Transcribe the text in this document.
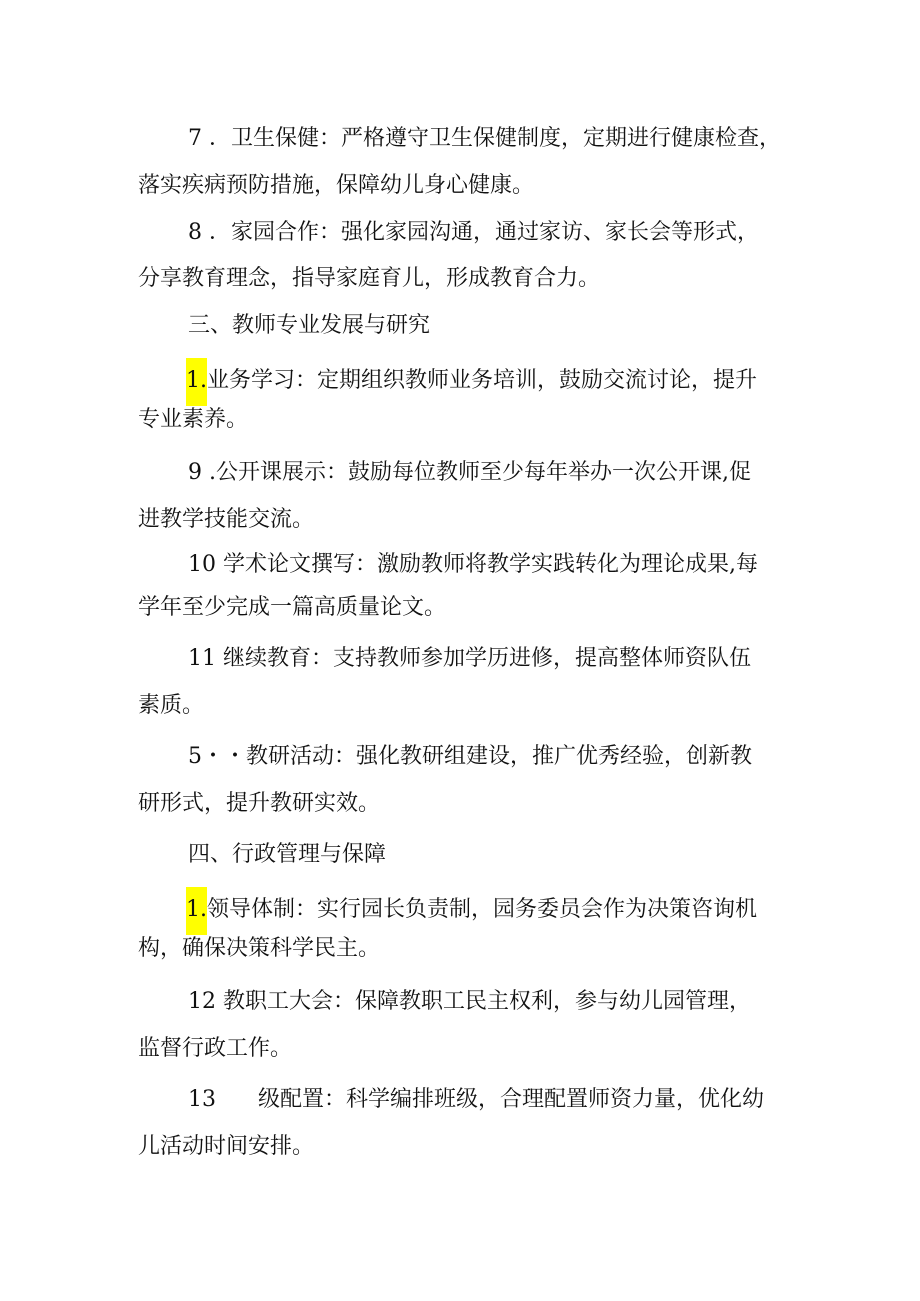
7 ．卫生保健：严格遵守卫生保健制度，定期进行健康检查，
落实疾病预防措施，保障幼儿身心健康。
8 ．家园合作：强化家园沟通，通过家访、家长会等形式，
分享教育理念，指导家庭育儿，形成教育合力。
三、教师专业发展与研究
1.业务学习：定期组织教师业务培训，鼓励交流讨论，提升
专业素养。
9 .公开课展示：鼓励每位教师至少每年举办一次公开课,促
进教学技能交流。
10 学术论文撰写：激励教师将教学实践转化为理论成果,每
学年至少完成一篇高质量论文。
11 继续教育：支持教师参加学历进修，提高整体师资队伍
素质。
5・・教研活动：强化教研组建设，推广优秀经验，创新教
研形式，提升教研实效。
四、行政管理与保障
1.领导体制：实行园长负责制，园务委员会作为决策咨询机
构，确保决策科学民主。
12 教职工大会：保障教职工民主权利，参与幼儿园管理，
监督行政工作。
13 级配置：科学编排班级，合理配置师资力量，优化幼
儿活动时间安排。
